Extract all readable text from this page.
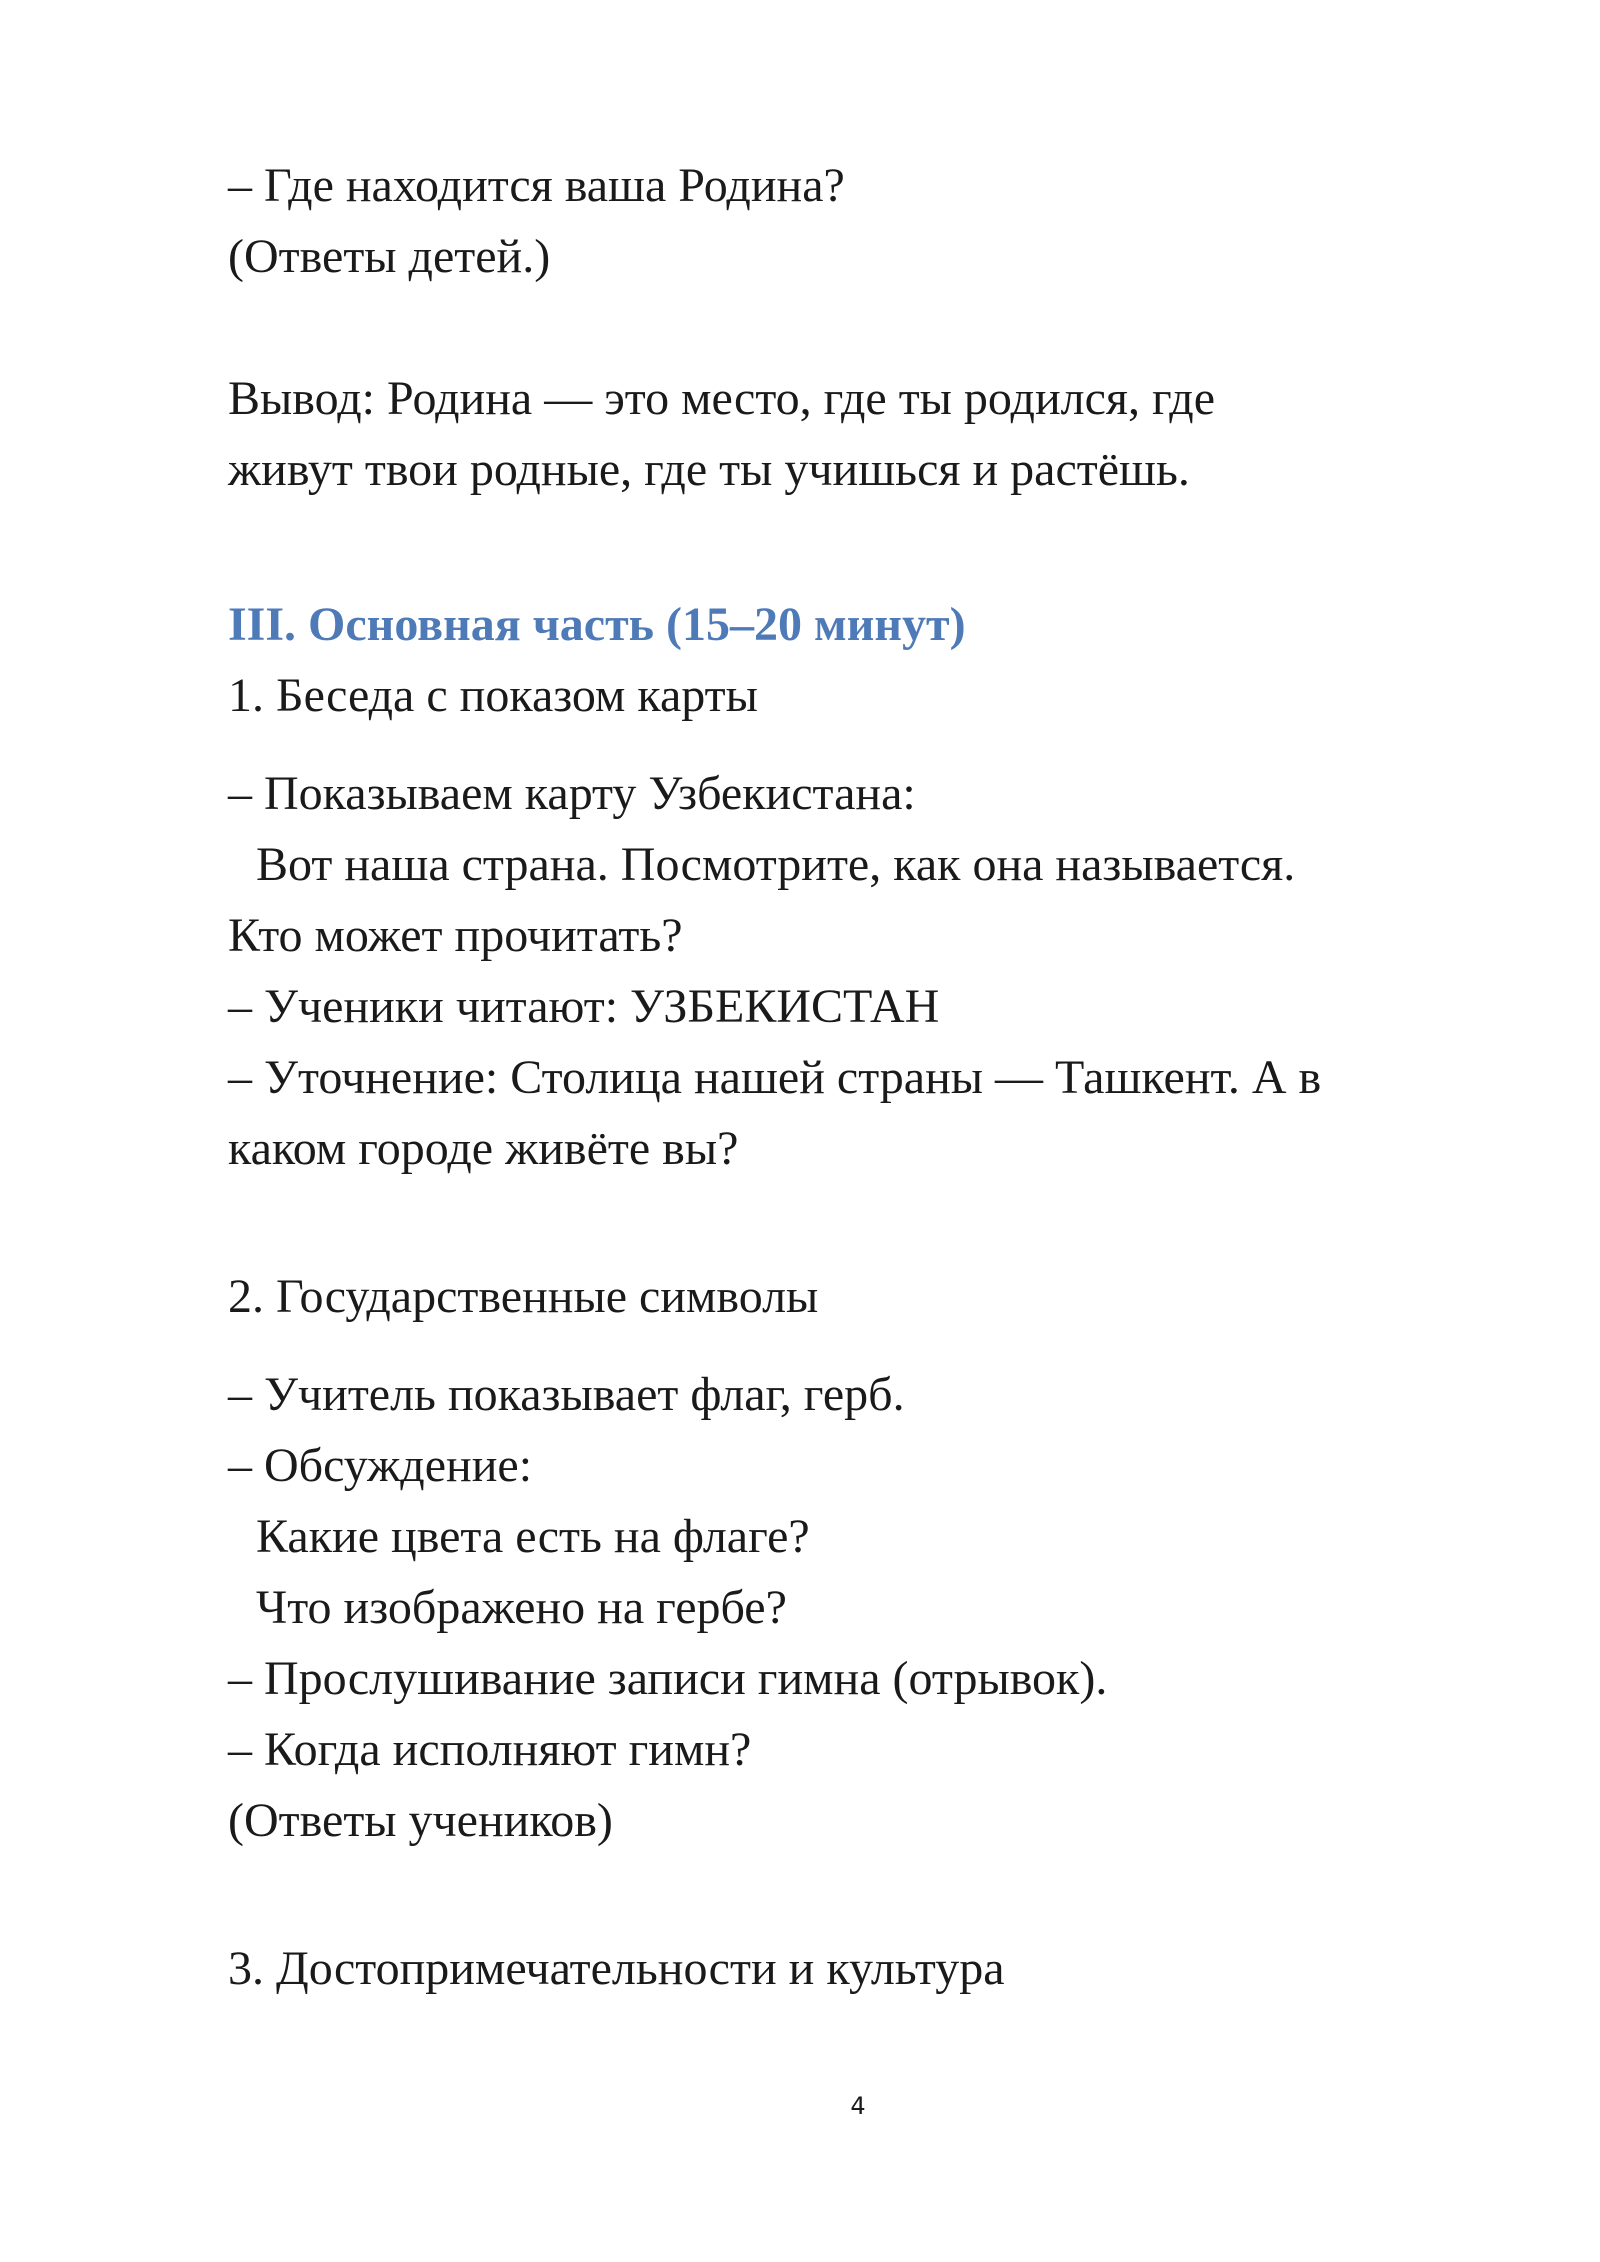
– Где находится ваша Родина?
(Ответы детей.)
Вывод: Родина — это место, где ты родился, где
живут твои родные, где ты учишься и растёшь.
III. Основная часть (15–20 минут)
1. Беседа с показом карты
– Показываем карту Узбекистана:
Вот наша страна. Посмотрите, как она называется.
Кто может прочитать?
– Ученики читают: УЗБЕКИСТАН
– Уточнение: Столица нашей страны — Ташкент. А в
каком городе живёте вы?
2. Государственные символы
– Учитель показывает флаг, герб.
– Обсуждение:
Какие цвета есть на флаге?
Что изображено на гербе?
– Прослушивание записи гимна (отрывок).
– Когда исполняют гимн?
(Ответы учеников)
3. Достопримечательности и культура
4
